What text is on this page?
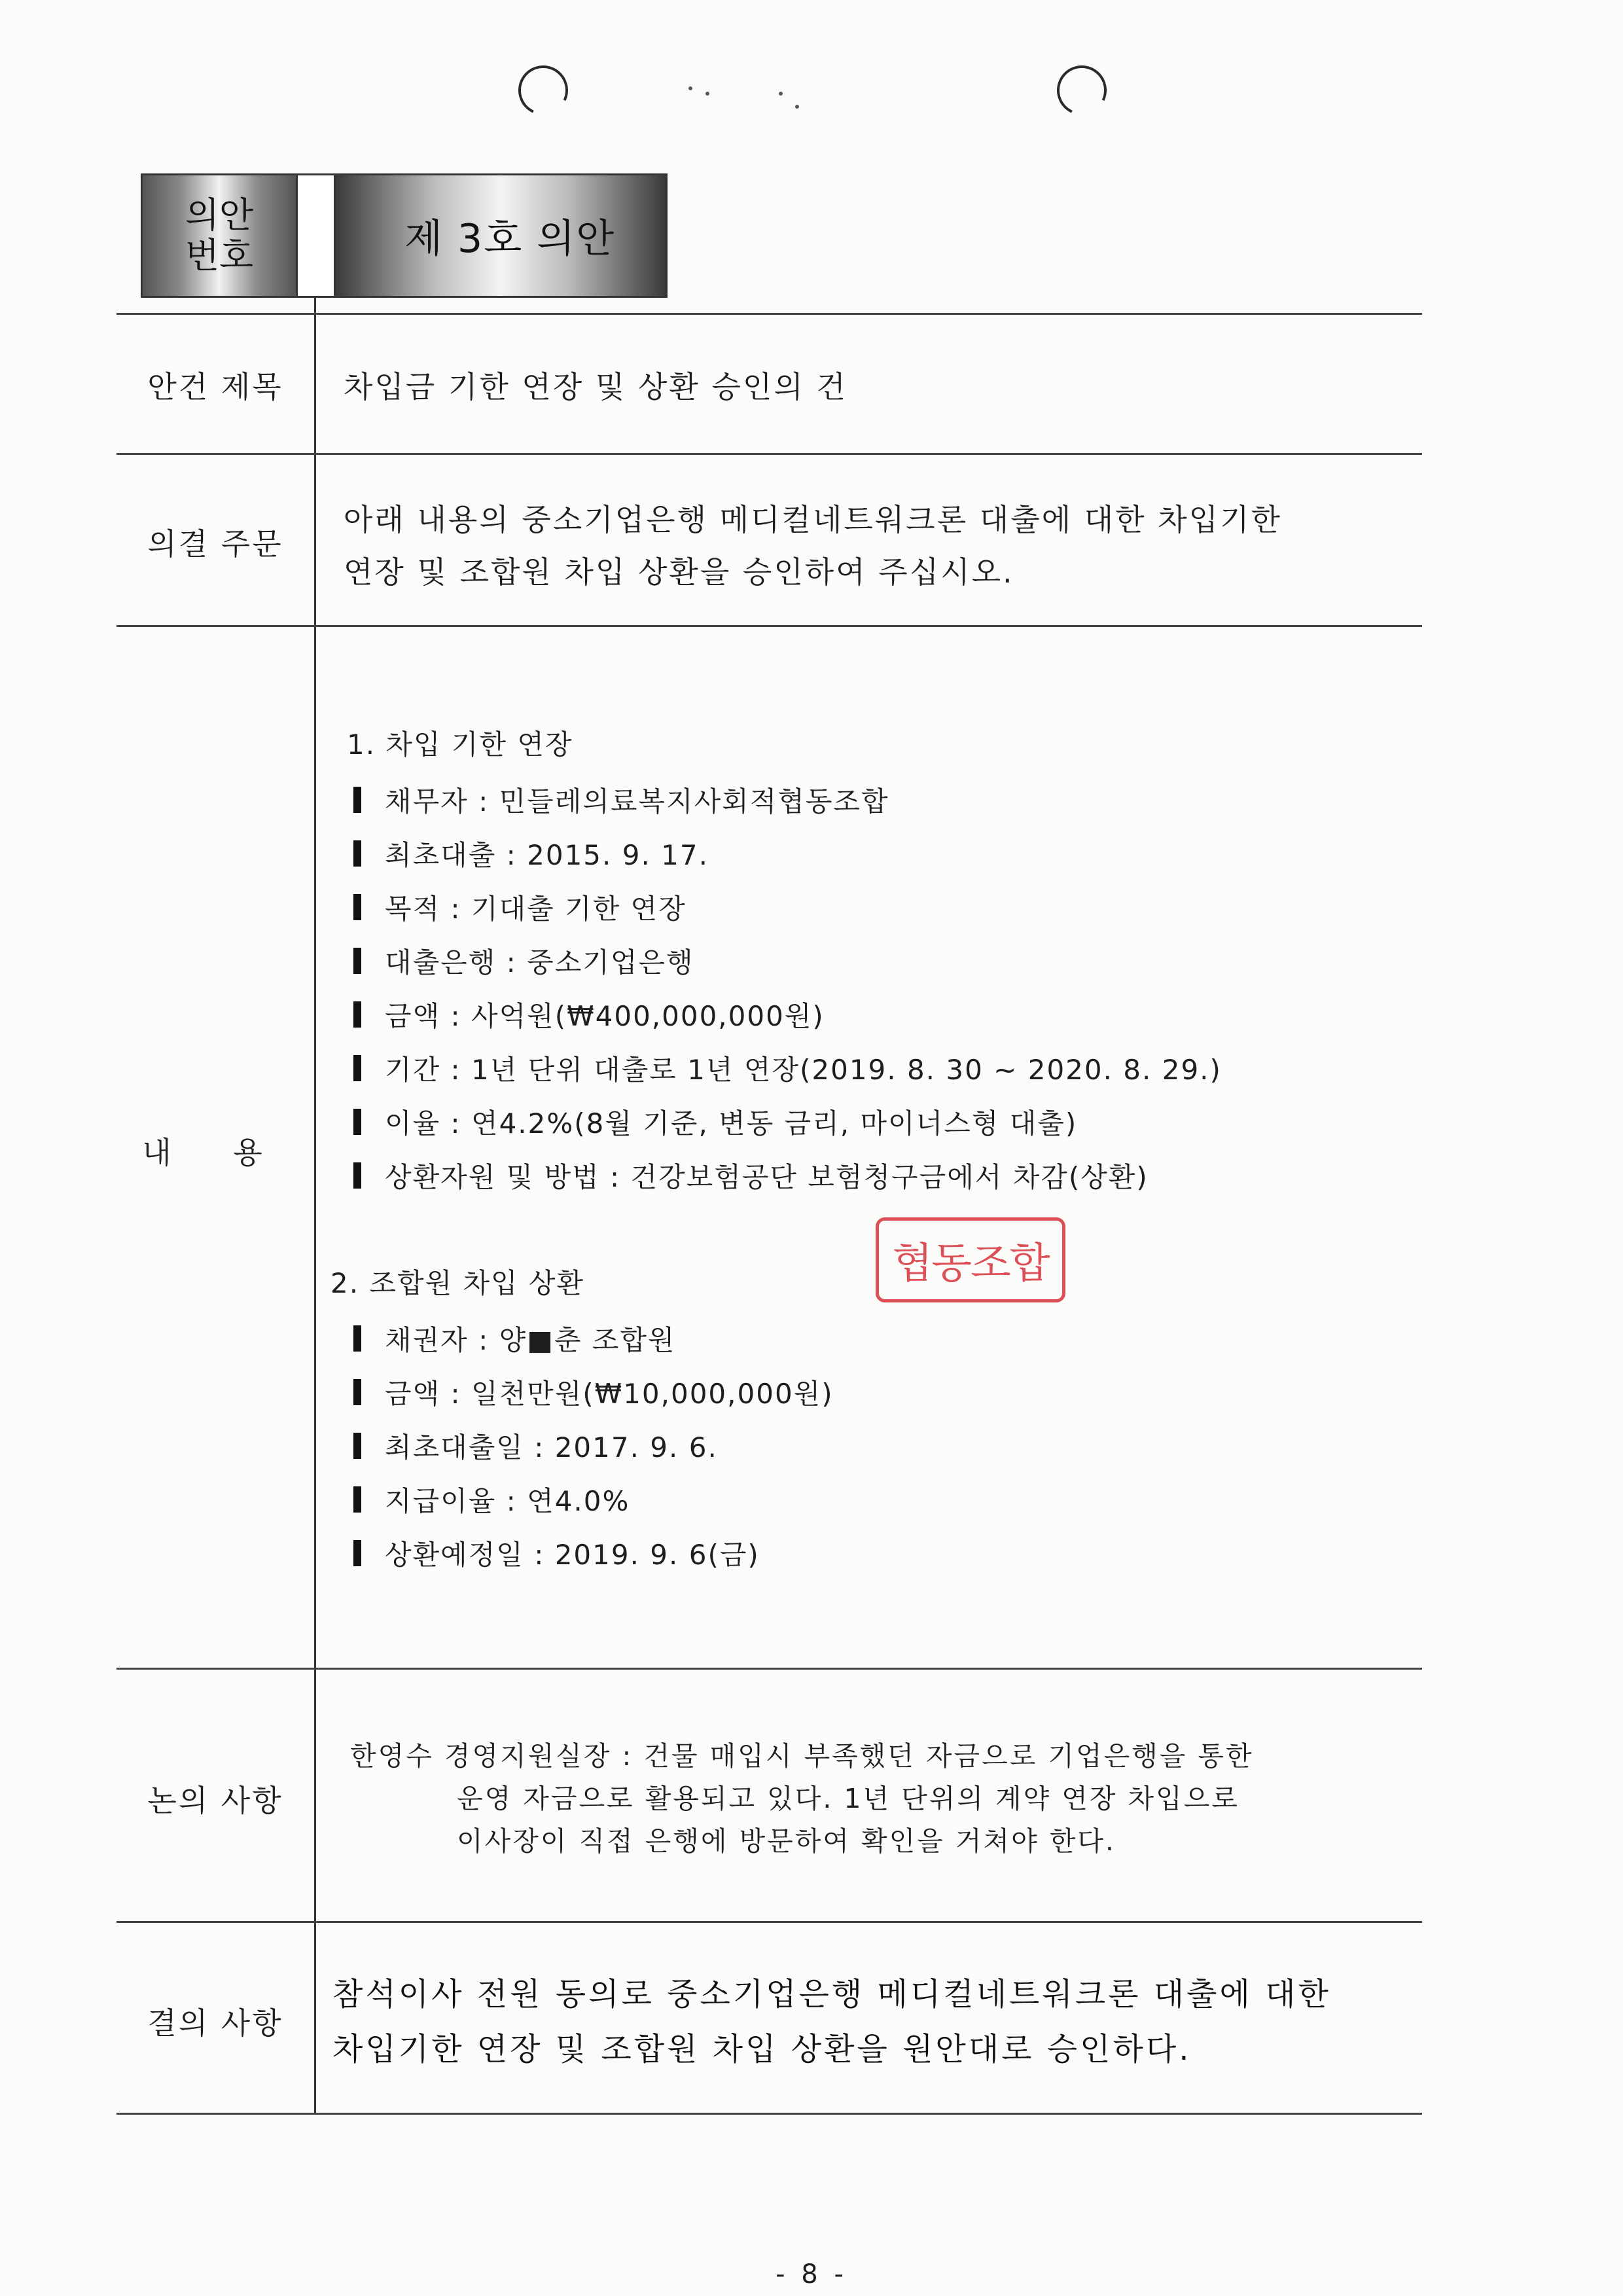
의안
번호	제 3호 의안
안건 제목	차입금 기한 연장 및 상환 승인의 건
의결 주문
아래 내용의 중소기업은행 메디컬네트워크론 대출에 대한 차입기한
연장 및 조합원 차입 상환을 승인하여 주십시오.
내 용
1. 차입 기한 연장
채무자 : 민들레의료복지사회적협동조합
최초대출 : 2015. 9. 17.
목적 : 기대출 기한 연장
대출은행 : 중소기업은행
금액 : 사억원(₩400,000,000원)
기간 : 1년 단위 대출로 1년 연장(2019. 8. 30 ~ 2020. 8. 29.)
이율 : 연4.2%(8월 기준, 변동 금리, 마이너스형 대출)
상환자원 및 방법 : 건강보험공단 보험청구금에서 차감(상환)
협동조합
2. 조합원 차입 상환
채권자 : 양■춘 조합원
금액 : 일천만원(₩10,000,000원)
최초대출일 : 2017. 9. 6.
지급이율 : 연4.0%
상환예정일 : 2019. 9. 6(금)
논의 사항
한영수 경영지원실장 : 건물 매입시 부족했던 자금으로 기업은행을 통한
운영 자금으로 활용되고 있다. 1년 단위의 계약 연장 차입으로
이사장이 직접 은행에 방문하여 확인을 거쳐야 한다.
결의 사항
참석이사 전원 동의로 중소기업은행 메디컬네트워크론 대출에 대한
차입기한 연장 및 조합원 차입 상환을 원안대로 승인하다.
- 8 -
